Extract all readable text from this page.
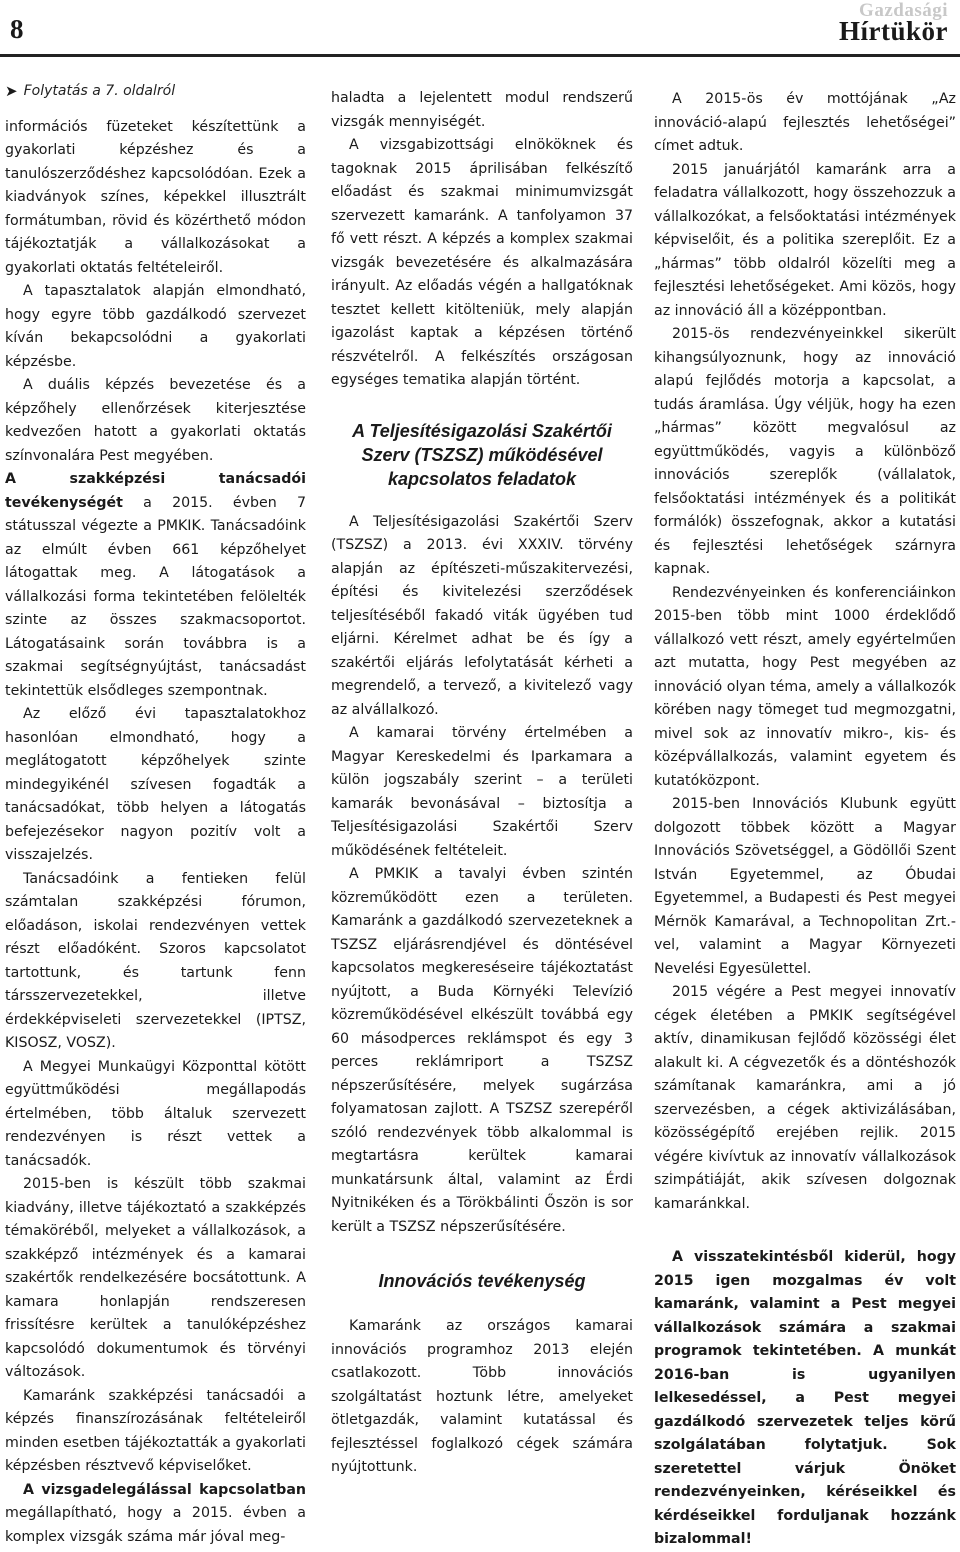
8
Gazdasági
Hírtükör
➤ Folytatás a 7. oldalról

információs füzeteket készítettünk a gyakorlati képzéshez és a tanulószerződéshez kapcsolódóan. Ezek a kiadványok színes, képekkel illusztrált formátumban, rövid és közérthető módon tájékoztatják a vállalkozásokat a gyakorlati oktatás feltételeiről.

A tapasztalatok alapján elmondható, hogy egyre több gazdálkodó szervezet kíván bekapcsolódni a gyakorlati képzésbe.

A duális képzés bevezetése és a képzőhely ellenőrzések kiterjesztése kedvezően hatott a gyakorlati oktatás színvonalára Pest megyében.

A szakképzési tanácsadói tevékenységét a 2015. évben 7 státusszal végezte a PMKIK. Tanácsadóink az elmúlt évben 661 képzőhelyet látogattak meg. A látogatások a vállalkozási forma tekintetében felölelték szinte az összes szakmacsoportot. Látogatásaink során továbbra is a szakmai segítségnyújtást, tanácsadást tekintettük elsődleges szempontnak.

Az előző évi tapasztalatokhoz hasonlóan elmondható, hogy a meglátogatott képzőhelyek szinte mindegyikénél szívesen fogadták a tanácsadókat, több helyen a látogatás befejezésekor nagyon pozitív volt a visszajelzés.

Tanácsadóink a fentieken felül számtalan szakképzési fórumon, előadáson, iskolai rendezvényen vettek részt előadóként. Szoros kapcsolatot tartottunk, és tartunk fenn társszervezetekkel, illetve érdekképviseleti szervezetekkel (IPTSZ, KISOSZ, VOSZ).

A Megyei Munkaügyi Központtal kötött együttműködési megállapodás értelmében, több általuk szervezett rendezvényen is részt vettek a tanácsadók.

2015-ben is készült több szakmai kiadvány, illetve tájékoztató a szakképzés témaköréből, melyeket a vállalkozások, a szakképző intézmények és a kamarai szakértők rendelkezésére bocsátottunk. A kamara honlapján rendszeresen frissítésre kerültek a tanulóképzéshez kapcsolódó dokumentumok és törvényi változások.

Kamaránk szakképzési tanácsadói a képzés finanszírozásának feltételeiről minden esetben tájékoztatták a gyakorlati képzésben résztvevő képviselőket.

A vizsgadelegálással kapcsolatban megállapítható, hogy a 2015. évben a komplex vizsgák száma már jóval meg-

haladta a lejelentett modul rendszerű vizsgák mennyiségét.

A vizsgabizottsági elnököknek és tagoknak 2015 áprilisában felkészítő előadást és szakmai minimumvizsgát szervezett kamaránk. A tanfolyamon 37 fő vett részt. A képzés a komplex szakmai vizsgák bevezetésére és alkalmazására irányult. Az előadás végén a hallgatóknak tesztet kellett kitölteniük, mely alapján igazolást kaptak a képzésen történő részvételről. A felkészítés országosan egységes tematika alapján történt.

A Teljesítésigazolási Szakértői Szerv (TSZSZ) működésével kapcsolatos feladatok

A Teljesítésigazolási Szakértői Szerv (TSZSZ) a 2013. évi XXXIV. törvény alapján az építészeti-műszakitervezési, építési és kivitelezési szerződések teljesítéséből fakadó viták ügyében tud eljárni. Kérelmet adhat be és így a szakértői eljárás lefolytatását kérheti a megrendelő, a tervező, a kivitelező vagy az alvállalkozó.

A kamarai törvény értelmében a Magyar Kereskedelmi és Iparkamara a külön jogszabály szerint – a területi kamarák bevonásával – biztosítja a Teljesítésigazolási Szakértői Szerv működésének feltételeit.

A PMKIK a tavalyi évben szintén közreműködött ezen a területen. Kamaránk a gazdálkodó szervezeteknek a TSZSZ eljárásrendjével és döntésével kapcsolatos megkereséseire tájékoztatást nyújtott, a Buda Környéki Televízió közreműködésével elkészült továbbá egy 60 másodperces reklámspot és egy 3 perces reklámriport a TSZSZ népszerűsítésére, melyek sugárzása folyamatosan zajlott. A TSZSZ szerepéről szóló rendezvények több alkalommal is megtartásra kerültek kamarai munkatársunk által, valamint az Érdi Nyitnikéken és a Törökbálinti Őszön is sor került a TSZSZ népszerűsítésére.

Innovációs tevékenység

Kamaránk az országos kamarai innovációs programhoz 2013 elején csatlakozott. Több innovációs szolgáltatást hoztunk létre, amelyeket ötletgazdák, valamint kutatással és fejlesztéssel foglalkozó cégek számára nyújtottunk.

A 2015-ös év mottójának „Az innováció-alapú fejlesztés lehetőségei” címet adtuk.

2015 januárjától kamaránk arra a feladatra vállalkozott, hogy összehozzuk a vállalkozókat, a felsőoktatási intézmények képviselőit, és a politika szereplőit. Ez a „hármas” több oldalról közelíti meg a fejlesztési lehetőségeket. Ami közös, hogy az innováció áll a középpontban.

2015-ös rendezvényeinkkel sikerült kihangsúlyoznunk, hogy az innováció alapú fejlődés motorja a kapcsolat, a tudás áramlása. Úgy véljük, hogy ha ezen „hármas” között megvalósul az együttműködés, vagyis a különböző innovációs szereplők (vállalatok, felsőoktatási intézmények és a politikát formálók) összefognak, akkor a kutatási és fejlesztési lehetőségek szárnyra kapnak.

Rendezvényeinken és konferenciáinkon 2015-ben több mint 1000 érdeklődő vállalkozó vett részt, amely egyértelműen azt mutatta, hogy Pest megyében az innováció olyan téma, amely a vállalkozók körében nagy tömeget tud megmozgatni, mivel sok az innovatív mikro-, kis- és középvállalkozás, valamint egyetem és kutatóközpont.

2015-ben Innovációs Klubunk együtt dolgozott többek között a Magyar Innovációs Szövetséggel, a Gödöllői Szent István Egyetemmel, az Óbudai Egyetemmel, a Budapesti és Pest megyei Mérnök Kamarával, a Technopolitan Zrt.-vel, valamint a Magyar Környezeti Nevelési Egyesülettel.

2015 végére a Pest megyei innovatív cégek életében a PMKIK segítségével aktív, dinamikusan fejlődő közösségi élet alakult ki. A cégvezetők és a döntéshozók számítanak kamaránkra, ami a jó szervezésben, a cégek aktivizálásában, közösségépítő erejében rejlik. 2015 végére kivívtuk az innovatív vállalkozások szimpátiáját, akik szívesen dolgoznak kamaránkkal.

A visszatekintésből kiderül, hogy 2015 igen mozgalmas év volt kamaránk, valamint a Pest megyei vállalkozások számára a szakmai programok tekintetében. A munkát 2016-ban is ugyanilyen lelkesedéssel, a Pest megyei gazdálkodó szervezetek teljes körű szolgálatában folytatjuk. Sok szeretettel várjuk Önöket rendezvényeinken, kéréseikkel és kérdéseikkel forduljanak hozzánk bizalommal!
